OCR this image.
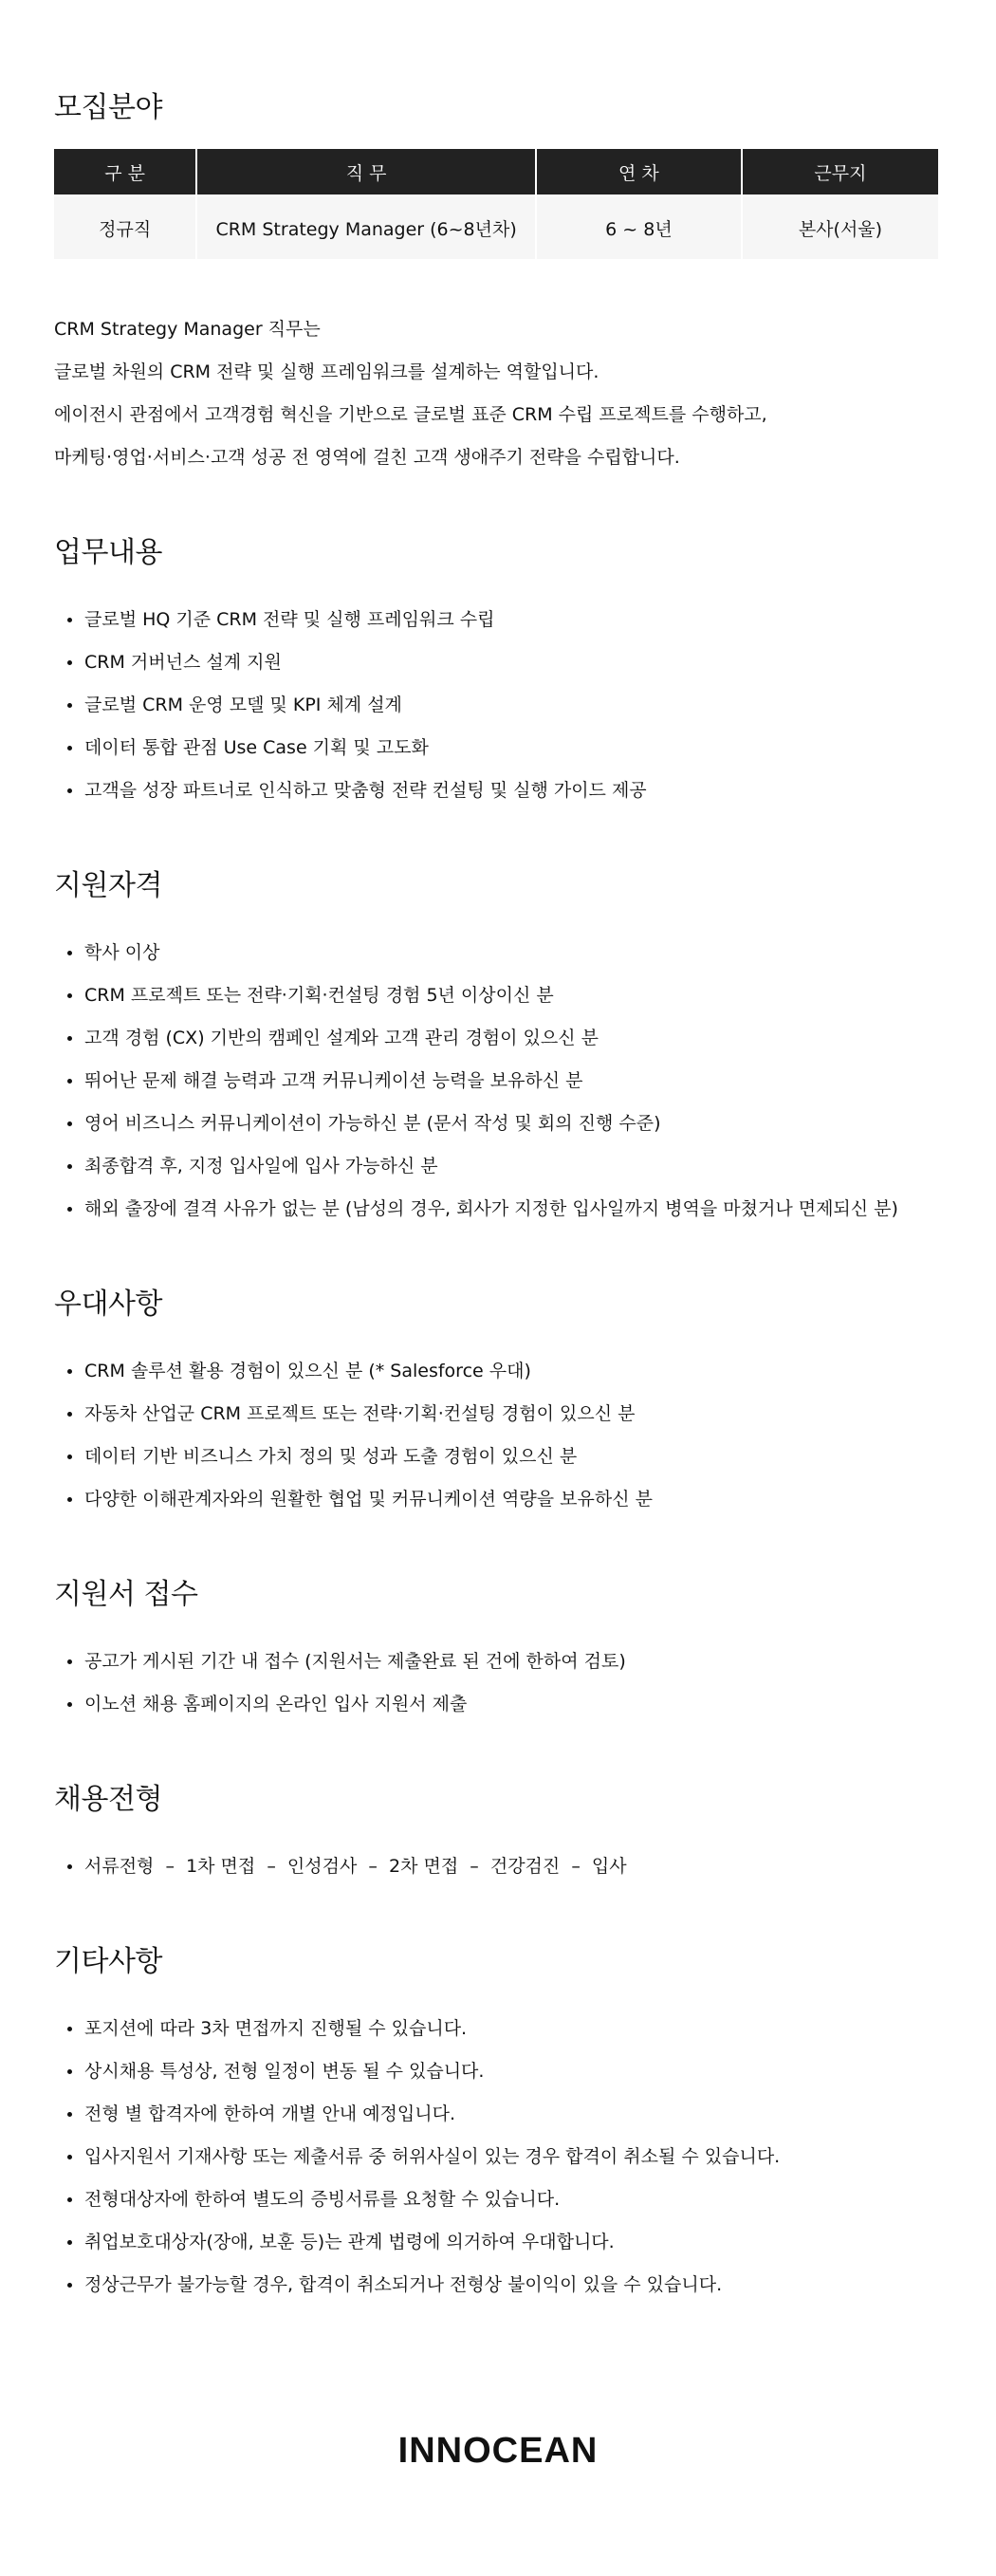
모집분야
구 분	직 무	연 차	근무지
정규직	CRM Strategy Manager (6~8년차)	6 ~ 8년	본사(서울)

CRM Strategy Manager 직무는

글로벌 차원의 CRM 전략 및 실행 프레임워크를 설계하는 역할입니다.

에이전시 관점에서 고객경험 혁신을 기반으로 글로벌 표준 CRM 수립 프로젝트를 수행하고,

마케팅·영업·서비스·고객 성공 전 영역에 걸친 고객 생애주기 전략을 수립합니다.

업무내용
글로벌 HQ 기준 CRM 전략 및 실행 프레임워크 수립
CRM 거버넌스 설계 지원
글로벌 CRM 운영 모델 및 KPI 체계 설계
데이터 통합 관점 Use Case 기획 및 고도화
고객을 성장 파트너로 인식하고 맞춤형 전략 컨설팅 및 실행 가이드 제공
지원자격
학사 이상
CRM 프로젝트 또는 전략·기획·컨설팅 경험 5년 이상이신 분
고객 경험 (CX) 기반의 캠페인 설계와 고객 관리 경험이 있으신 분
뛰어난 문제 해결 능력과 고객 커뮤니케이션 능력을 보유하신 분
영어 비즈니스 커뮤니케이션이 가능하신 분 (문서 작성 및 회의 진행 수준)
최종합격 후, 지정 입사일에 입사 가능하신 분
해외 출장에 결격 사유가 없는 분 (남성의 경우, 회사가 지정한 입사일까지 병역을 마쳤거나 면제되신 분)
우대사항
CRM 솔루션 활용 경험이 있으신 분 (* Salesforce 우대)
자동차 산업군 CRM 프로젝트 또는 전략·기획·컨설팅 경험이 있으신 분
데이터 기반 비즈니스 가치 정의 및 성과 도출 경험이 있으신 분
다양한 이해관계자와의 원활한 협업 및 커뮤니케이션 역량을 보유하신 분
지원서 접수
공고가 게시된 기간 내 접수 (지원서는 제출완료 된 건에 한하여 검토)
이노션 채용 홈페이지의 온라인 입사 지원서 제출
채용전형
서류전형  –  1차 면접  –  인성검사  –  2차 면접  –  건강검진  –  입사
기타사항
포지션에 따라 3차 면접까지 진행될 수 있습니다.
상시채용 특성상, 전형 일정이 변동 될 수 있습니다.
전형 별 합격자에 한하여 개별 안내 예정입니다.
입사지원서 기재사항 또는 제출서류 중 허위사실이 있는 경우 합격이 취소될 수 있습니다.
전형대상자에 한하여 별도의 증빙서류를 요청할 수 있습니다.
취업보호대상자(장애, 보훈 등)는 관계 법령에 의거하여 우대합니다.
정상근무가 불가능할 경우, 합격이 취소되거나 전형상 불이익이 있을 수 있습니다.
INNOCEAN
